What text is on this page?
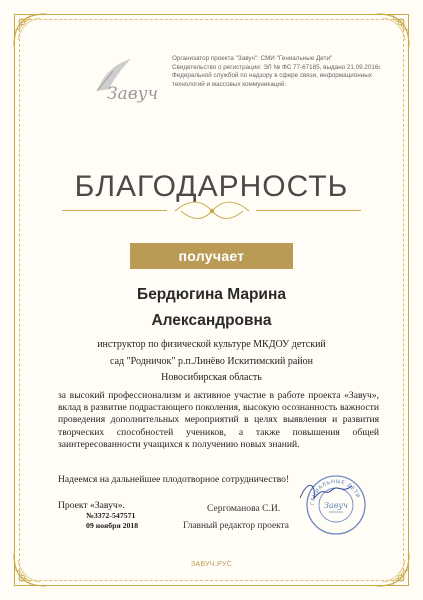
Завуч
Организатор проекта "Завуч": СМИ "Гениальные Дети"
Свидетельство о регистрации: ЭЛ № ФС 77-67185, выдано 21.09.2016г.
Федеральной службой по надзору в сфере связи, информационных
технологий и массовых коммуникаций.
БЛАГОДАРНОСТЬ
получает
Бердюгина Марина
Александровна
инструктор по физической культуре МКДОУ детский
сад "Родничок" р.п.Линёво Искитимский район
Новосибирская область
за высокий профессионализм и активное участие в работе проекта «Завуч», вклад в развитие подрастающего поколения, высокую осознанность важности проведения дополнительных мероприятий в целях выявления и развития творческих способностей учеников, а также повышения общей заинтересованности учащихся к получению новых знаний.
Надеемся на дальнейшее плодотворное сотрудничество!
Проект «Завуч».
№3372-547571
09 ноября 2018
Сергоманова С.И.
Главный редактор проекта
ГЕНИАЛЬНЫЕ ДЕТИ
Завуч
ЗАВУЧ.РУС
